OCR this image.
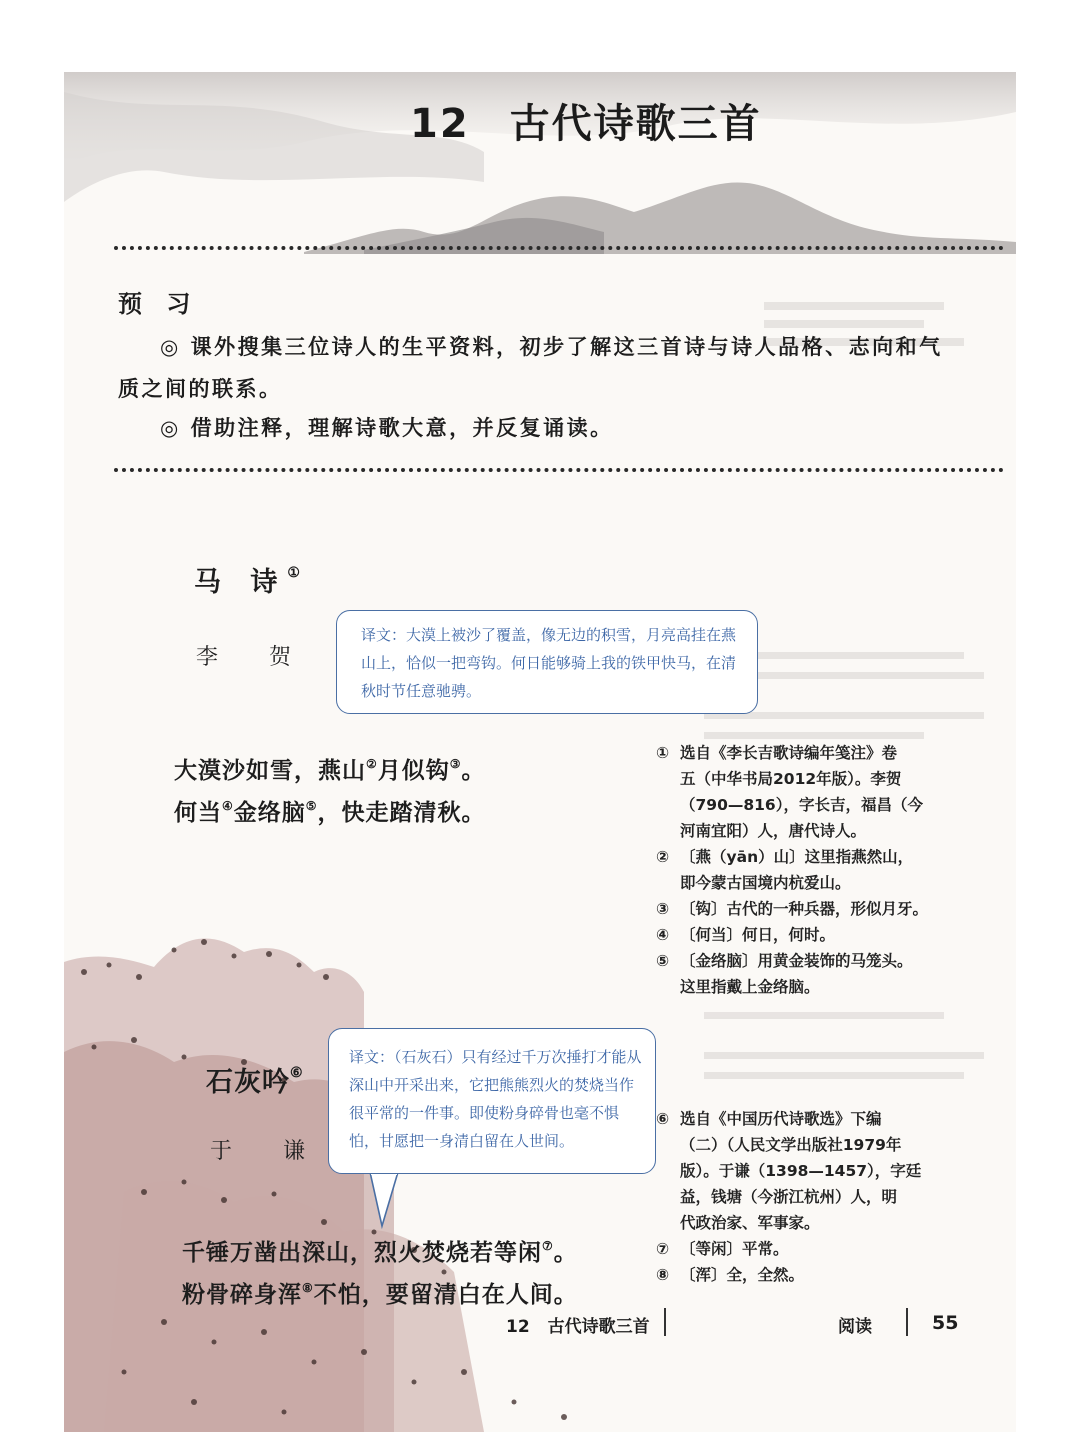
12 古代诗歌三首
预 习
◎ 课外搜集三位诗人的生平资料，初步了解这三首诗与诗人品格、志向和气质之间的联系。
◎ 借助注释，理解诗歌大意，并反复诵读。
马 诗①
李 贺
大漠沙如雪，燕山②月似钩③。
何当④金络脑⑤，快走踏清秋。
译文：大漠上被沙了覆盖，像无边的积雪，月亮高挂在燕山上，恰似一把弯钩。何日能够骑上我的铁甲快马，在清秋时节任意驰骋。
① 选自《李长吉歌诗编年笺注》卷
五（中华书局2012年版）。李贺
（790—816），字长吉，福昌（今
河南宜阳）人，唐代诗人。
② 〔燕（yān）山〕这里指燕然山，
即今蒙古国境内杭爱山。
③ 〔钩〕古代的一种兵器，形似月牙。
④ 〔何当〕何日，何时。
⑤ 〔金络脑〕用黄金装饰的马笼头。
这里指戴上金络脑。
石灰吟⑥
于 谦
千锤万凿出深山，烈火焚烧若等闲⑦。
粉骨碎身浑⑧不怕，要留清白在人间。
译文：（石灰石）只有经过千万次捶打才能从深山中开采出来，它把熊熊烈火的焚烧当作很平常的一件事。即使粉身碎骨也毫不惧怕，甘愿把一身清白留在人世间。
⑥ 选自《中国历代诗歌选》下编
（二）（人民文学出版社1979年
版）。于谦（1398—1457），字廷
益，钱塘（今浙江杭州）人，明
代政治家、军事家。
⑦ 〔等闲〕平常。
⑧ 〔浑〕全，全然。
12 古代诗歌三首	阅读	55
